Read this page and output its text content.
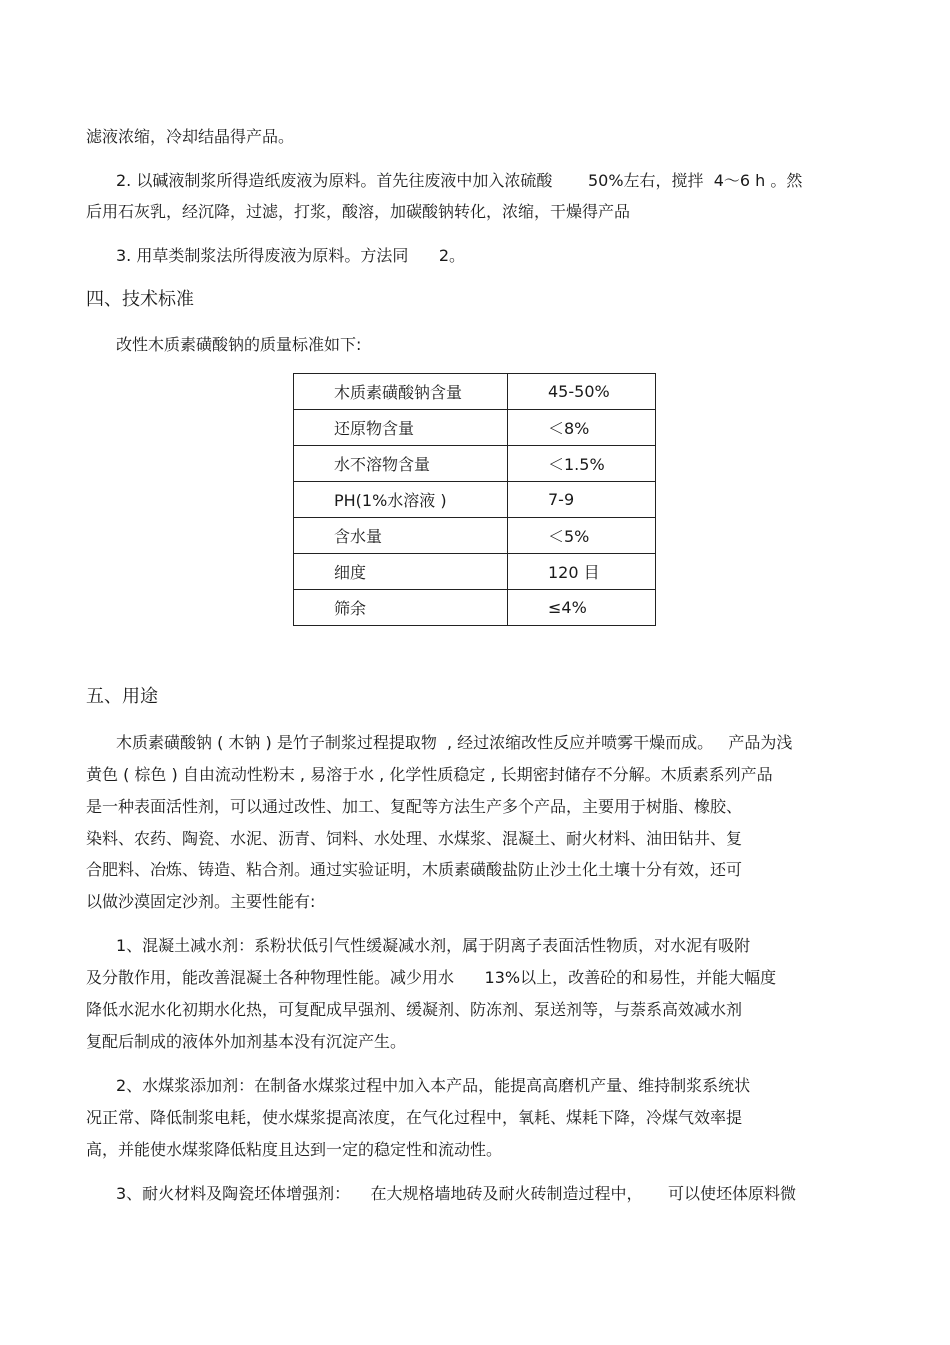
滤液浓缩，冷却结晶得产品。
2. 以碱液制浆所得造纸废液为原料。首先往废液中加入浓硫酸       50%左右，搅拌  4～6 h 。然
后用石灰乳，经沉降，过滤，打浆，酸溶，加碳酸钠转化，浓缩，干燥得产品
3. 用草类制浆法所得废液为原料。方法同      2。
四、技术标准
改性木质素磺酸钠的质量标准如下:
木质素磺酸钠含量	45-50%
还原物含量	＜8%
水不溶物含量	＜1.5%
PH(1%水溶液 )	7-9
含水量	＜5%
细度	120 目
筛余	≤4%
五、用途
木质素磺酸钠 ( 木钠 ) 是竹子制浆过程提取物  , 经过浓缩改性反应并喷雾干燥而成。   产品为浅
黄色 ( 棕色 ) 自由流动性粉末 , 易溶于水 , 化学性质稳定 , 长期密封储存不分解。木质素系列产品
是一种表面活性剂，可以通过改性、加工、复配等方法生产多个产品，主要用于树脂、橡胶、
染料、农药、陶瓷、水泥、沥青、饲料、水处理、水煤浆、混凝土、耐火材料、油田钻井、复
合肥料、冶炼、铸造、粘合剂。通过实验证明，木质素磺酸盐防止沙土化土壤十分有效，还可
以做沙漠固定沙剂。主要性能有:
1、混凝土减水剂：系粉状低引气性缓凝减水剂，属于阴离子表面活性物质，对水泥有吸附
及分散作用，能改善混凝土各种物理性能。减少用水      13%以上，改善砼的和易性，并能大幅度
降低水泥水化初期水化热，可复配成早强剂、缓凝剂、防冻剂、泵送剂等，与萘系高效减水剂
复配后制成的液体外加剂基本没有沉淀产生。
2、水煤浆添加剂：在制备水煤浆过程中加入本产品，能提高高磨机产量、维持制浆系统状
况正常、降低制浆电耗，使水煤浆提高浓度，在气化过程中，氧耗、煤耗下降，冷煤气效率提
高，并能使水煤浆降低粘度且达到一定的稳定性和流动性。
3、耐火材料及陶瓷坯体增强剂：    在大规格墙地砖及耐火砖制造过程中，     可以使坯体原料微
